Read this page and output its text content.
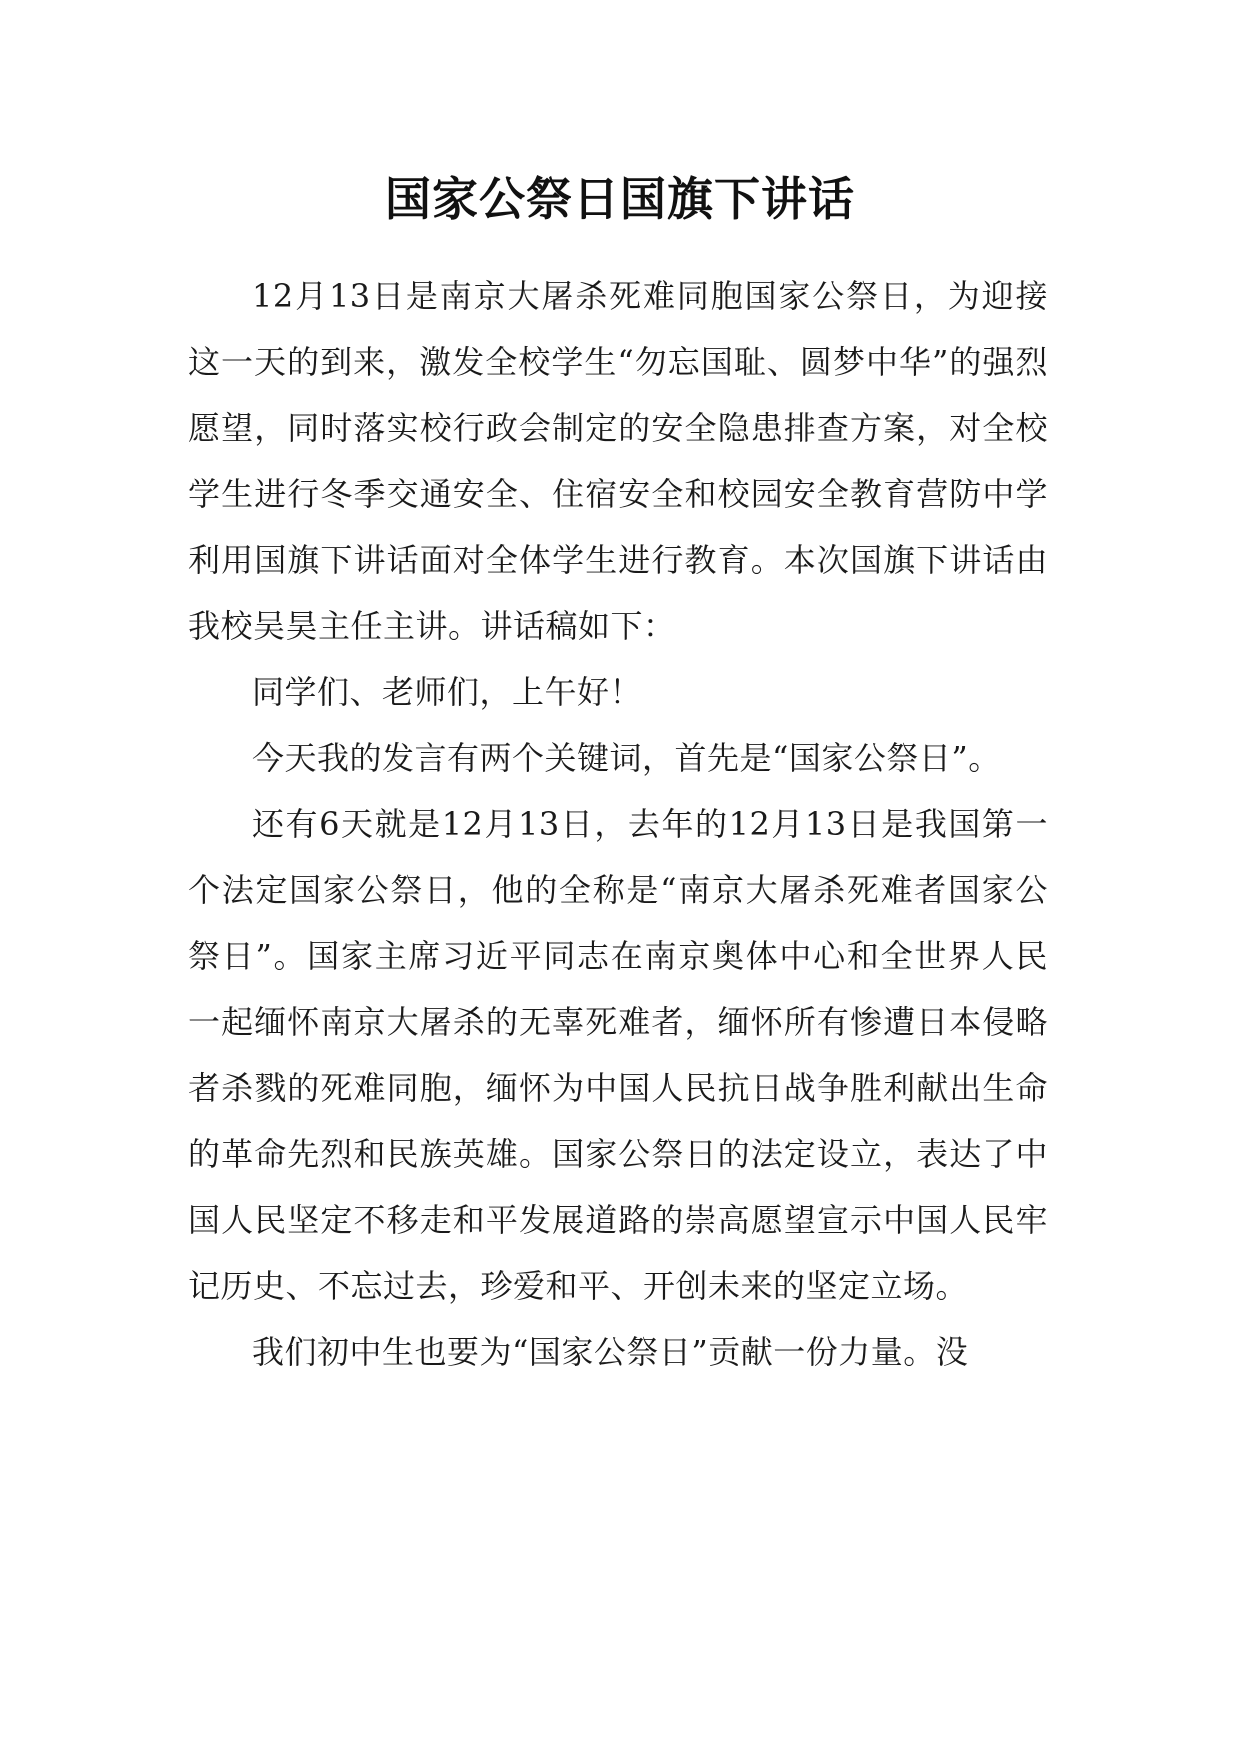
国家公祭日国旗下讲话

12月13日是南京大屠杀死难同胞国家公祭日，为迎接这一天的到来，激发全校学生“勿忘国耻、圆梦中华”的强烈愿望，同时落实校行政会制定的安全隐患排查方案，对全校学生进行冬季交通安全、住宿安全和校园安全教育营防中学利用国旗下讲话面对全体学生进行教育。本次国旗下讲话由我校吴昊主任主讲。讲话稿如下：

同学们、老师们，上午好！

今天我的发言有两个关键词，首先是“国家公祭日”。

还有6天就是12月13日，去年的12月13日是我国第一个法定国家公祭日，他的全称是“南京大屠杀死难者国家公祭日”。国家主席习近平同志在南京奥体中心和全世界人民一起缅怀南京大屠杀的无辜死难者，缅怀所有惨遭日本侵略者杀戮的死难同胞，缅怀为中国人民抗日战争胜利献出生命的革命先烈和民族英雄。国家公祭日的法定设立，表达了中国人民坚定不移走和平发展道路的崇高愿望宣示中国人民牢记历史、不忘过去，珍爱和平、开创未来的坚定立场。

我们初中生也要为“国家公祭日”贡献一份力量。没
